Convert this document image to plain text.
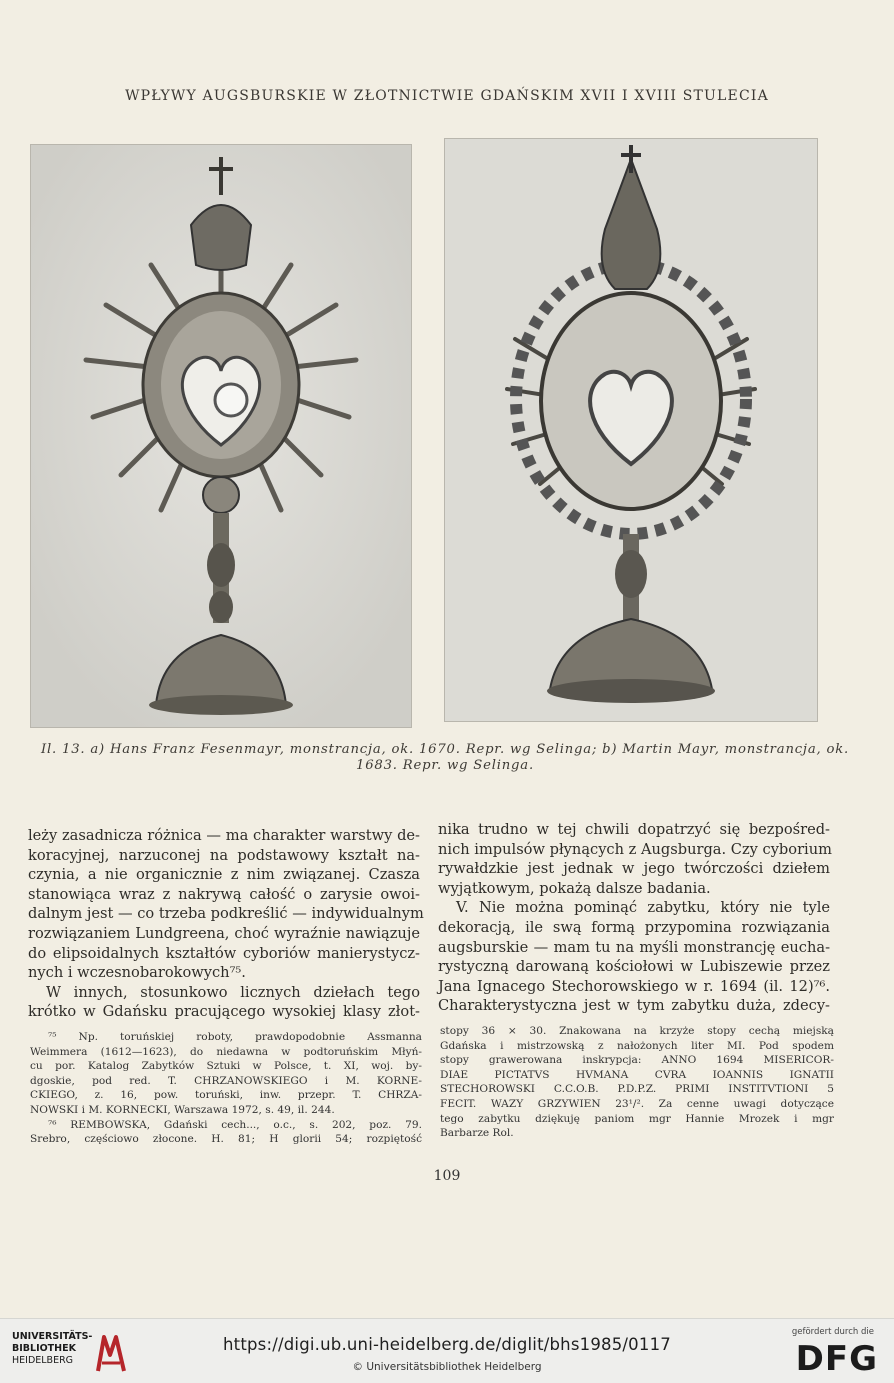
WPŁYWY AUGSBURSKIE W ZŁOTNICTWIE GDAŃSKIM XVII I XVIII STULECIA
Il. 13. a) Hans Franz Fesenmayr, monstrancja, ok. 1670. Repr. wg Selinga; b) Martin Mayr, monstrancja, ok.
1683. Repr. wg Selinga.
leży zasadnicza różnica — ma charakter warstwy de-
koracyjnej, narzuconej na podstawowy kształt na-
czynia, a nie organicznie z nim związanej. Czasza
stanowiąca wraz z nakrywą całość o zarysie owoi-
dalnym jest — co trzeba podkreślić — indywidualnym
rozwiązaniem Lundgreena, choć wyraźnie nawiązuje
do elipsoidalnych kształtów cyboriów manierystycz-
nych i wczesnobarokowych⁷⁵.
W innych, stosunkowo licznych dziełach tego
krótko w Gdańsku pracującego wysokiej klasy złot-
nika trudno w tej chwili dopatrzyć się bezpośred-
nich impulsów płynących z Augsburga. Czy cyborium
rywałdzkie jest jednak w jego twórczości dziełem
wyjątkowym, pokażą dalsze badania.
V. Nie można pominąć zabytku, który nie tyle
dekoracją, ile swą formą przypomina rozwiązania
augsburskie — mam tu na myśli monstrancję eucha-
rystyczną darowaną kościołowi w Lubiszewie przez
Jana Ignacego Stechorowskiego w r. 1694 (il. 12)⁷⁶.
Charakterystyczna jest w tym zabytku duża, zdecy-
⁷⁵ Np. toruńskiej roboty, prawdopodobnie Assmanna
Weimmera (1612—1623), do niedawna w podtoruńskim Młyń-
cu por. Katalog Zabytków Sztuki w Polsce, t. XI, woj. by-
dgoskie, pod red. T. CHRZANOWSKIEGO i M. KORNE-
CKIEGO, z. 16, pow. toruński, inw. przepr. T. CHRZA-
NOWSKI i M. KORNECKI, Warszawa 1972, s. 49, il. 244.
⁷⁶ REMBOWSKA, Gdański cech..., o.c., s. 202, poz. 79.
Srebro, częściowo złocone. H. 81; H glorii 54; rozpiętość
stopy 36 × 30. Znakowana na krzyże stopy cechą miejską
Gdańska i mistrzowską z nałożonych liter MI. Pod spodem
stopy grawerowana inskrypcja: ANNO 1694 MISERICOR-
DIAE PICTATVS HVMANA CVRA IOANNIS IGNATII
STECHOROWSKI C.C.O.B. P.D.P.Z. PRIMI INSTITVTIONI 5
FECIT. WAZY GRZYWIEN 23¹/². Za cenne uwagi dotyczące
tego zabytku dziękuję paniom mgr Hannie Mrozek i mgr
Barbarze Rol.
109
UNIVERSITÄTS-
BIBLIOTHEK
HEIDELBERG
https://digi.ub.uni-heidelberg.de/diglit/bhs1985/0117
© Universitätsbibliothek Heidelberg
gefördert durch die
DFG
